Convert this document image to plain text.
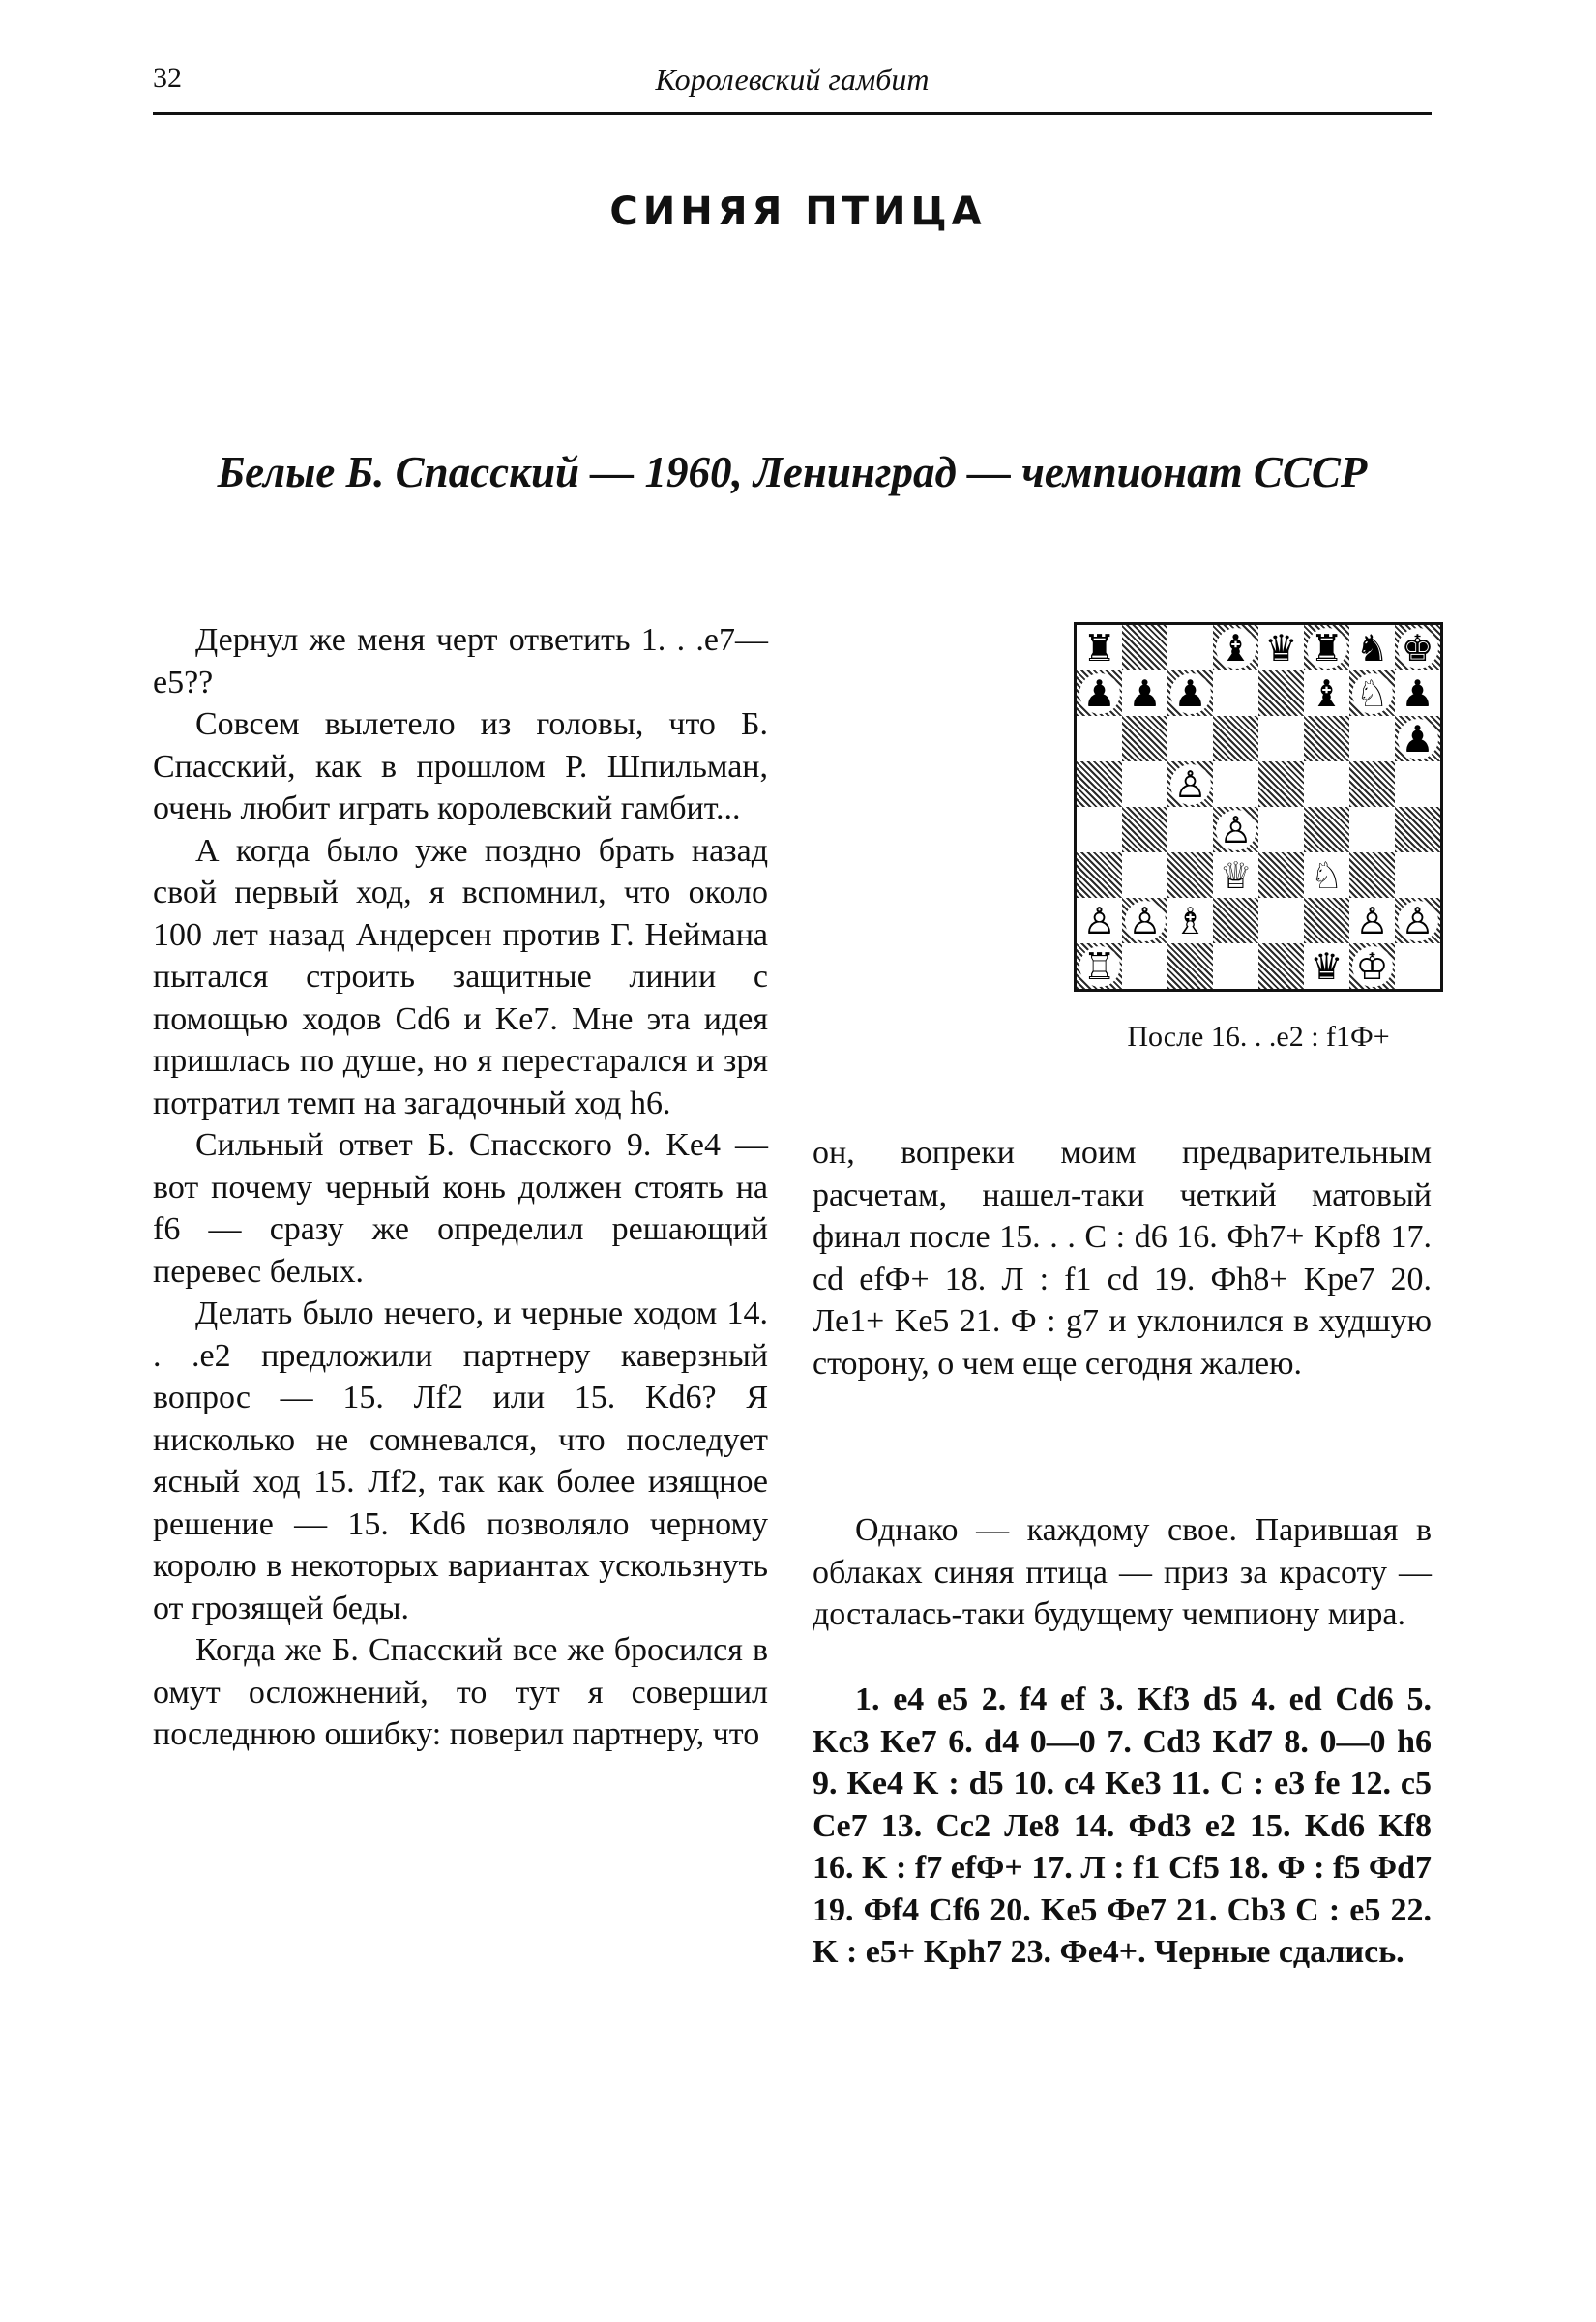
32	Королевский гамбит
СИНЯЯ ПТИЦА
Белые Б. Спасский — 1960, Ленинград — чемпионат СССР

Дернул же меня черт ответить 1. . .е7—е5??

Совсем вылетело из головы, что Б. Спасский, как в прошлом Р. Шпильман, очень любит играть королевский гамбит...

А когда было уже поздно брать назад свой первый ход, я вспомнил, что около 100 лет назад Андерсен против Г. Неймана пытался строить защитные линии с помощью ходов Cd6 и Ke7. Мне эта идея пришлась по душе, но я перестарался и зря потратил темп на загадочный ход h6.

Сильный ответ Б. Спасского 9. Ke4 — вот почему черный конь должен стоять на f6 — сразу же определил решающий перевес белых.

Делать было нечего, и черные ходом 14. . .е2 предложили партнеру каверзный вопрос — 15. Лf2 или 15. Kd6? Я нисколько не сомневался, что последует ясный ход 15. Лf2, так как более изящное решение — 15. Kd6 позволяло черному королю в некоторых вариантах ускользнуть от грозящей беды.

Когда же Б. Спасский все же бросился в омут осложнений, то тут я совершил последнюю ошибку: поверил партнеру, что

♜	♝ ♛ ♜ ♞ ♚
♟ ♟ ♟	♝ ♘ ♟
♟
♙
♙
♕ ♘
♙ ♙ ♗	♙ ♙
♖	♛ ♔
После 16. . .е2 : f1Ф+

он, вопреки моим предварительным расчетам, нашел-таки четкий матовый финал после 15. . . С : d6 16. Фh7+ Kpf8 17. cd efФ+ 18. Л : f1 cd 19. Фh8+ Kpe7 20. Лe1+ Ke5 21. Ф : g7 и уклонился в худшую сторону, о чем еще сегодня жалею.

Однако — каждому свое. Парившая в облаках синяя птица — приз за красоту — досталась-таки будущему чемпиону мира.

1. е4 е5 2. f4 ef 3. Kf3 d5 4. ed Cd6 5. Kc3 Ke7 6. d4 0—0 7. Cd3 Kd7 8. 0—0 h6 9. Ke4 K : d5 10. c4 Ke3 11. C : e3 fe 12. c5 Ce7 13. Cc2 Лe8 14. Фd3 e2 15. Kd6 Kf8 16. K : f7 efФ+ 17. Л : f1 Cf5 18. Ф : f5 Фd7 19. Фf4 Cf6 20. Ke5 Фe7 21. Cb3 C : e5 22. K : e5+ Kph7 23. Фe4+. Черные сдались.
